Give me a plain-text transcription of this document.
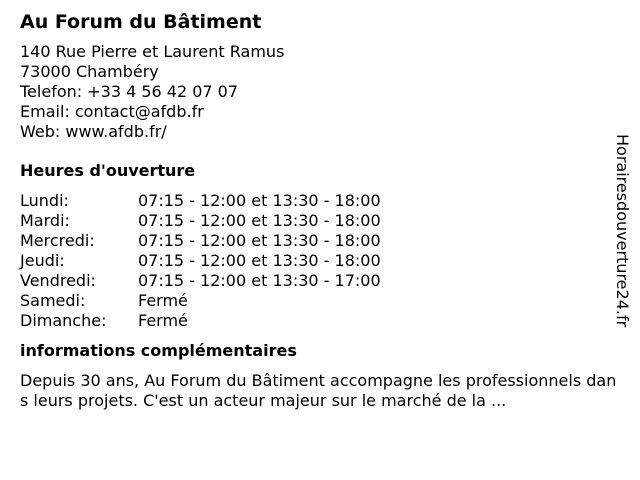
Au Forum du Bâtiment
140 Rue Pierre et Laurent Ramus
73000 Chambéry
Telefon: +33 4 56 42 07 07
Email: contact@afdb.fr
Web: www.afdb.fr/
Heures d'ouverture
Lundi:	07:15 - 12:00 et 13:30 - 18:00
Mardi:	07:15 - 12:00 et 13:30 - 18:00
Mercredi:	07:15 - 12:00 et 13:30 - 18:00
Jeudi:	07:15 - 12:00 et 13:30 - 18:00
Vendredi:	07:15 - 12:00 et 13:30 - 17:00
Samedi:	Fermé
Dimanche:	Fermé
informations complémentaires
Depuis 30 ans, Au Forum du Bâtiment accompagne les professionnels dans leurs projets. C'est un acteur majeur sur le marché de la ...
Horairesdouverture24.fr
